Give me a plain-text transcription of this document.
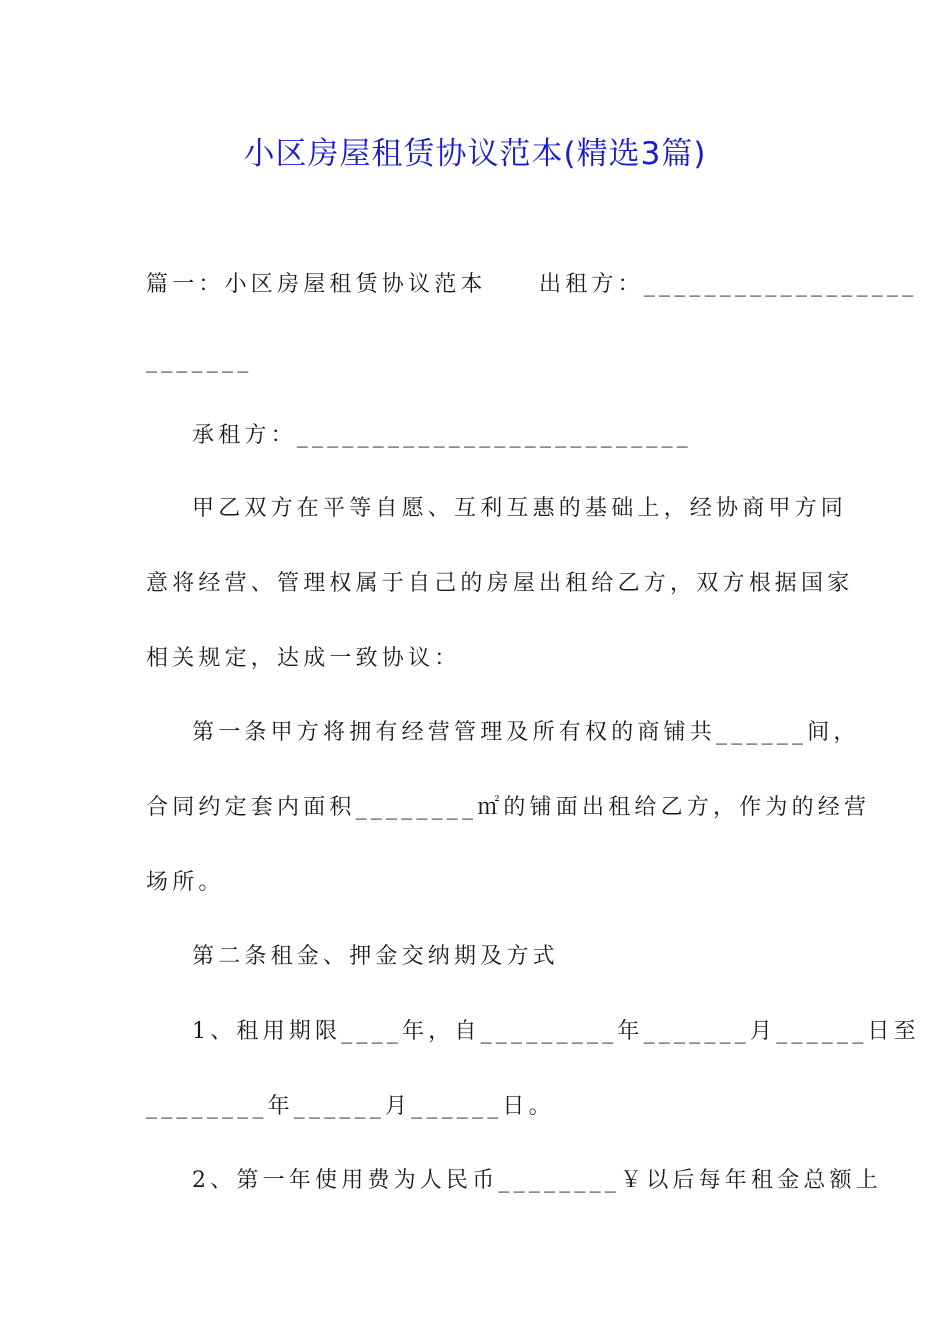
小区房屋租赁协议范本(精选3篇)
篇一：小区房屋租赁协议范本　　出租方：__________________
_______
承租方：__________________________
甲乙双方在平等自愿、互利互惠的基础上，经协商甲方同
意将经营、管理权属于自己的房屋出租给乙方，双方根据国家
相关规定，达成一致协议：
第一条甲方将拥有经营管理及所有权的商铺共______间，
合同约定套内面积________㎡的铺面出租给乙方，作为的经营
场所。
第二条租金、押金交纳期及方式
1、租用期限____年，自_________年_______月______日至
________年______月______日。
2、第一年使用费为人民币________￥以后每年租金总额上
